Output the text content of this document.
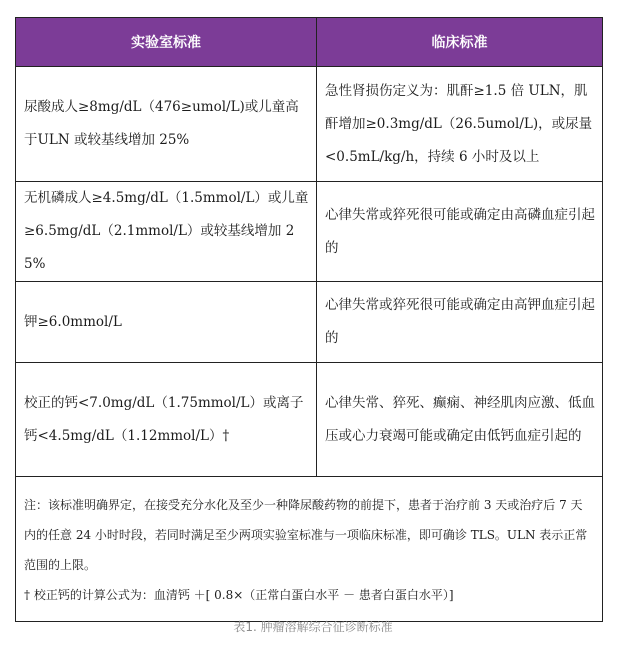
实验室标准	临床标准

尿酸成人≥8mg/dL（476≥umol/L)或儿童高于ULN 或较基线增加 25%	急性肾损伤定义为：肌酐≥1.5 倍 ULN，肌酐增加≥0.3mg/dL（26.5umol/L)，或尿量<0.5mL/kg/h，持续 6 小时及以上

无机磷成人≥4.5mg/dL（1.5mmol/L）或儿童≥6.5mg/dL（2.1mmol/L）或较基线增加 25%	心律失常或猝死很可能或确定由高磷血症引起的

钾≥6.0mmol/L	心律失常或猝死很可能或确定由高钾血症引起的

校正的钙<7.0mg/dL（1.75mmol/L）或离子钙<4.5mg/dL（1.12mmol/L）†	心律失常、猝死、癫痫、神经肌肉应激、低血压或心力衰竭可能或确定由低钙血症引起的

注：该标准明确界定，在接受充分水化及至少一种降尿酸药物的前提下，患者于治疗前 3 天或治疗后 7 天内的任意 24 小时时段，若同时满足至少两项实验室标准与一项临床标准，即可确诊 TLS。ULN 表示正常范围的上限。
† 校正钙的计算公式为：血清钙 ＋[ 0.8×（正常白蛋白水平 － 患者白蛋白水平）]	
表1. 肿瘤溶解综合征诊断标准
